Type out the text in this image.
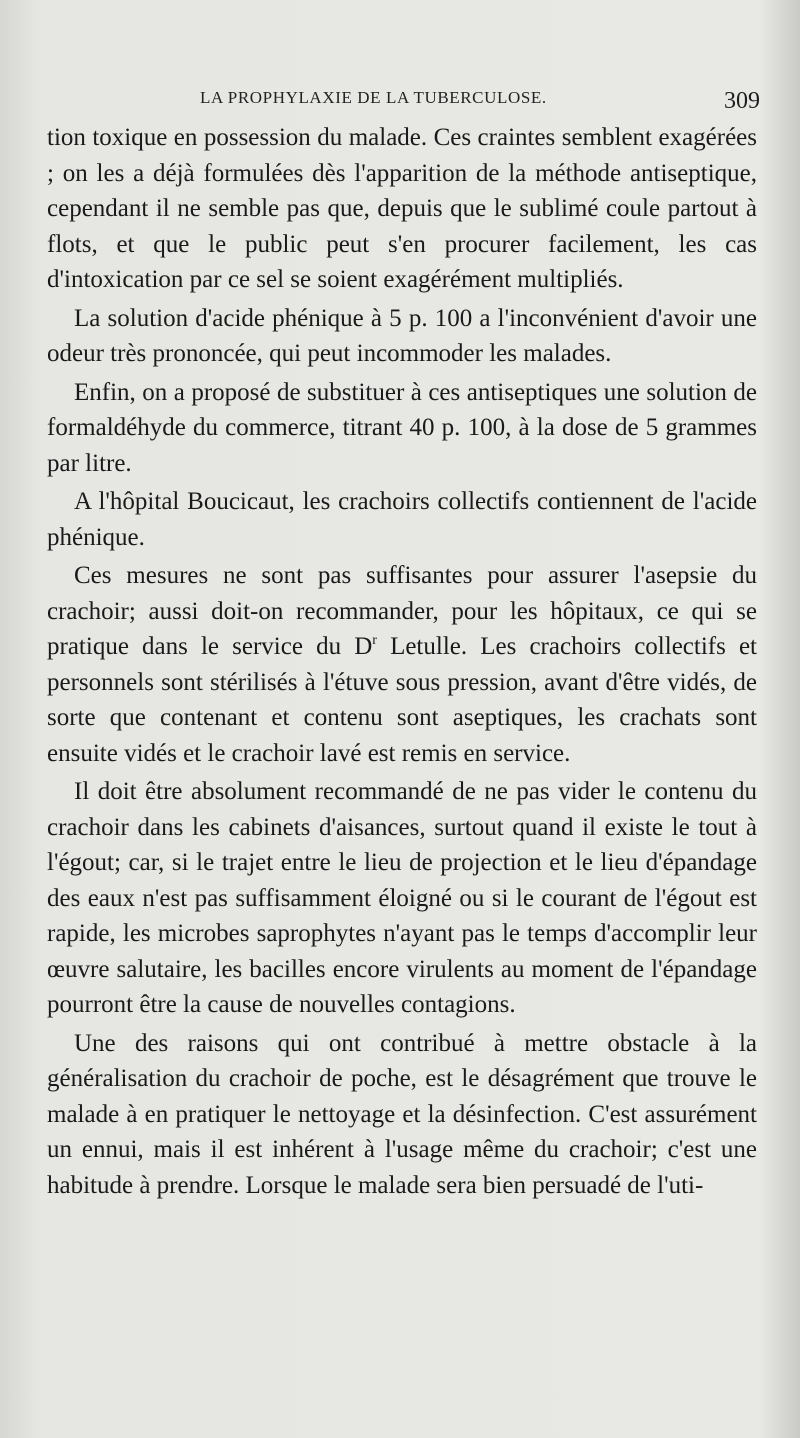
LA PROPHYLAXIE DE LA TUBERCULOSE.	309

tion toxique en possession du malade. Ces craintes semblent exagérées ; on les a déjà formulées dès l'apparition de la méthode antiseptique, cependant il ne semble pas que, depuis que le sublimé coule partout à flots, et que le public peut s'en procurer facilement, les cas d'intoxication par ce sel se soient exagérément multipliés.

La solution d'acide phénique à 5 p. 100 a l'inconvénient d'avoir une odeur très prononcée, qui peut incommoder les malades.

Enfin, on a proposé de substituer à ces antiseptiques une solution de formaldéhyde du commerce, titrant 40 p. 100, à la dose de 5 grammes par litre.

A l'hôpital Boucicaut, les crachoirs collectifs contiennent de l'acide phénique.

Ces mesures ne sont pas suffisantes pour assurer l'asepsie du crachoir; aussi doit-on recommander, pour les hôpitaux, ce qui se pratique dans le service du $D^r$ Letulle. Les crachoirs collectifs et personnels sont stérilisés à l'étuve sous pression, avant d'être vidés, de sorte que contenant et contenu sont aseptiques, les crachats sont ensuite vidés et le crachoir lavé est remis en service.

Il doit être absolument recommandé de ne pas vider le contenu du crachoir dans les cabinets d'aisances, surtout quand il existe le tout à l'égout; car, si le trajet entre le lieu de projection et le lieu d'épandage des eaux n'est pas suffisamment éloigné ou si le courant de l'égout est rapide, les microbes saprophytes n'ayant pas le temps d'accomplir leur œuvre salutaire, les bacilles encore virulents au moment de l'épandage pourront être la cause de nouvelles contagions.

Une des raisons qui ont contribué à mettre obstacle à la généralisation du crachoir de poche, est le désagrément que trouve le malade à en pratiquer le nettoyage et la désinfection. C'est assurément un ennui, mais il est inhérent à l'usage même du crachoir; c'est une habitude à prendre. Lorsque le malade sera bien persuadé de l'uti-
